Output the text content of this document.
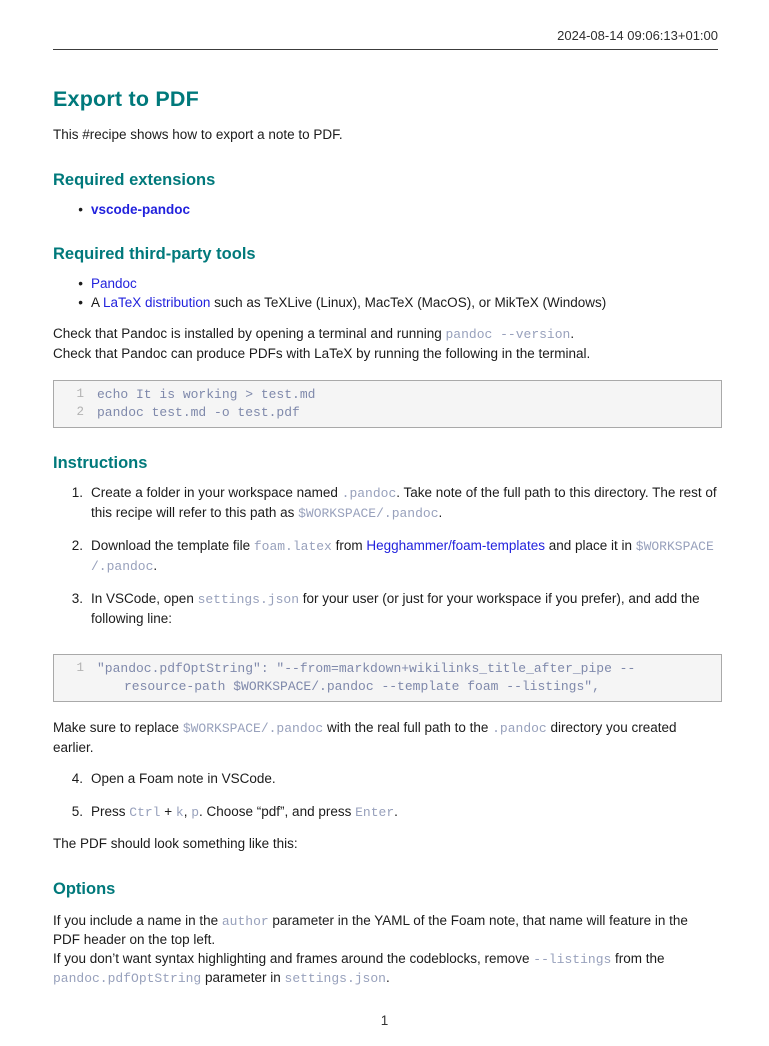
2024-08-14 09:06:13+01:00
Export to PDF

This #recipe shows how to export a note to PDF.

Required extensions
• vscode-pandoc
Required third-party tools
• Pandoc
• A LaTeX distribution such as TeXLive (Linux), MacTeX (MacOS), or MikTeX (Windows)

Check that Pandoc is installed by opening a terminal and running pandoc --version.
Check that Pandoc can produce PDFs with LaTeX by running the following in the terminal.

1 echo It is working > test.md
2 pandoc test.md -o test.pdf
Instructions
1. Create a folder in your workspace named .pandoc. Take note of the full path to this directory. The rest of this recipe will refer to this path as $WORKSPACE/.pandoc.
2. Download the template file foam.latex from Hegghammer/foam-templates and place it in $WORKSPACE/.pandoc.
3. In VSCode, open settings.json for your user (or just for your workspace if you prefer), and add the following line:
1 "pandoc.pdfOptString": "--from=markdown+wikilinks_title_after_pipe --
resource-path $WORKSPACE/.pandoc --template foam --listings",

Make sure to replace $WORKSPACE/.pandoc with the real full path to the .pandoc directory you created earlier.

4. Open a Foam note in VSCode.
5. Press Ctrl + k, p. Choose “pdf”, and press Enter.

The PDF should look something like this:

Options

If you include a name in the author parameter in the YAML of the Foam note, that name will feature in the PDF header on the top left.
If you don’t want syntax highlighting and frames around the codeblocks, remove --listings from the pandoc.pdfOptString parameter in settings.json.

1
